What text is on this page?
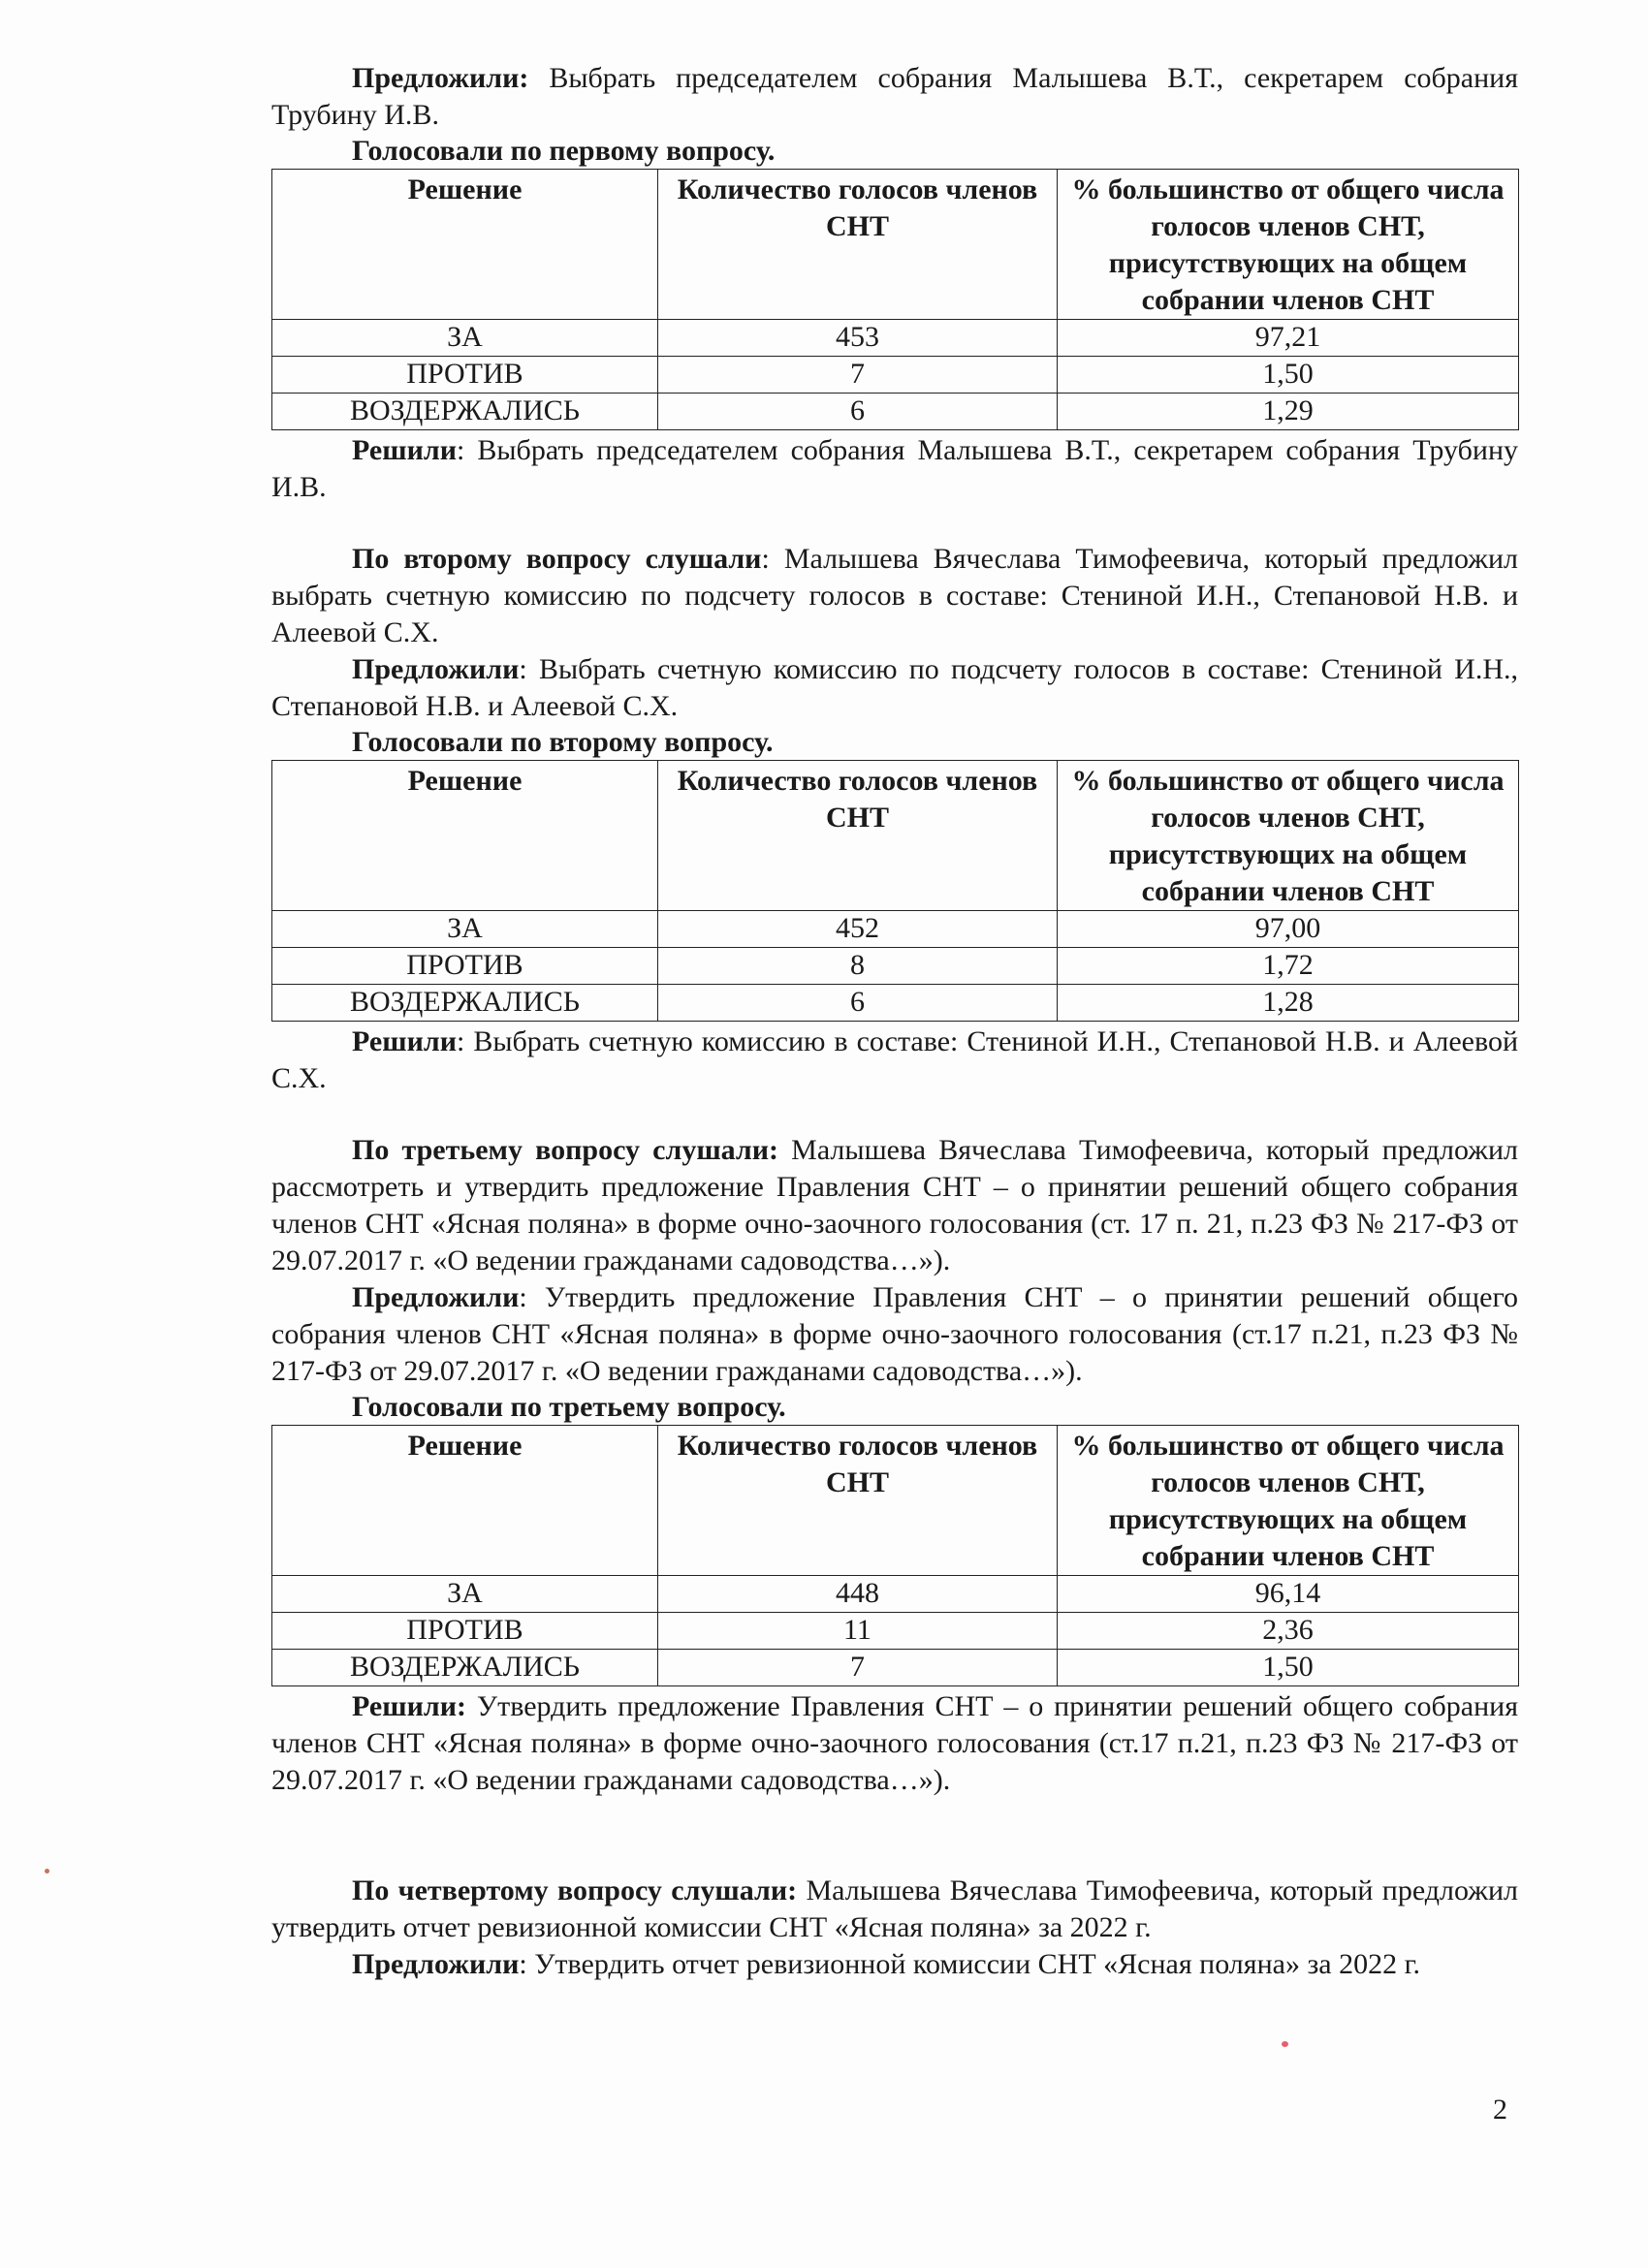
Предложили: Выбрать председателем собрания Малышева В.Т., секретарем собрания Трубину И.В.

Голосовали по первому вопросу.

Решение	Количество голосов членов СНТ	% большинство от общего числа голосов членов СНТ, присутствующих на общем собрании членов СНТ
ЗА	453	97,21
ПРОТИВ	7	1,50
ВОЗДЕРЖАЛИСЬ	6	1,29

Решили: Выбрать председателем собрания Малышева В.Т., секретарем собрания Трубину И.В.

По второму вопросу слушали: Малышева Вячеслава Тимофеевича, который предложил выбрать счетную комиссию по подсчету голосов в составе: Стениной И.Н., Степановой Н.В. и Алеевой С.Х.

Предложили: Выбрать счетную комиссию по подсчету голосов в составе: Стениной И.Н., Степановой Н.В. и Алеевой С.Х.

Голосовали по второму вопросу.

Решение	Количество голосов членов СНТ	% большинство от общего числа голосов членов СНТ, присутствующих на общем собрании членов СНТ
ЗА	452	97,00
ПРОТИВ	8	1,72
ВОЗДЕРЖАЛИСЬ	6	1,28

Решили: Выбрать счетную комиссию в составе: Стениной И.Н., Степановой Н.В. и Алеевой С.Х.

По третьему вопросу слушали: Малышева Вячеслава Тимофеевича, который предложил рассмотреть и утвердить предложение Правления СНТ – о принятии решений общего собрания членов СНТ «Ясная поляна» в форме очно-заочного голосования (ст. 17 п. 21, п.23 ФЗ № 217-ФЗ от 29.07.2017 г. «О ведении гражданами садоводства…»).

Предложили: Утвердить предложение Правления СНТ – о принятии решений общего собрания членов СНТ «Ясная поляна» в форме очно-заочного голосования (ст.17 п.21, п.23 ФЗ № 217-ФЗ от 29.07.2017 г. «О ведении гражданами садоводства…»).

Голосовали по третьему вопросу.

Решение	Количество голосов членов СНТ	% большинство от общего числа голосов членов СНТ, присутствующих на общем собрании членов СНТ
ЗА	448	96,14
ПРОТИВ	11	2,36
ВОЗДЕРЖАЛИСЬ	7	1,50

Решили: Утвердить предложение Правления СНТ – о принятии решений общего собрания членов СНТ «Ясная поляна» в форме очно-заочного голосования (ст.17 п.21, п.23 ФЗ № 217-ФЗ от 29.07.2017 г. «О ведении гражданами садоводства…»).

По четвертому вопросу слушали: Малышева Вячеслава Тимофеевича, который предложил утвердить отчет ревизионной комиссии СНТ «Ясная поляна» за 2022 г.

Предложили: Утвердить отчет ревизионной комиссии СНТ «Ясная поляна» за 2022 г.

2
